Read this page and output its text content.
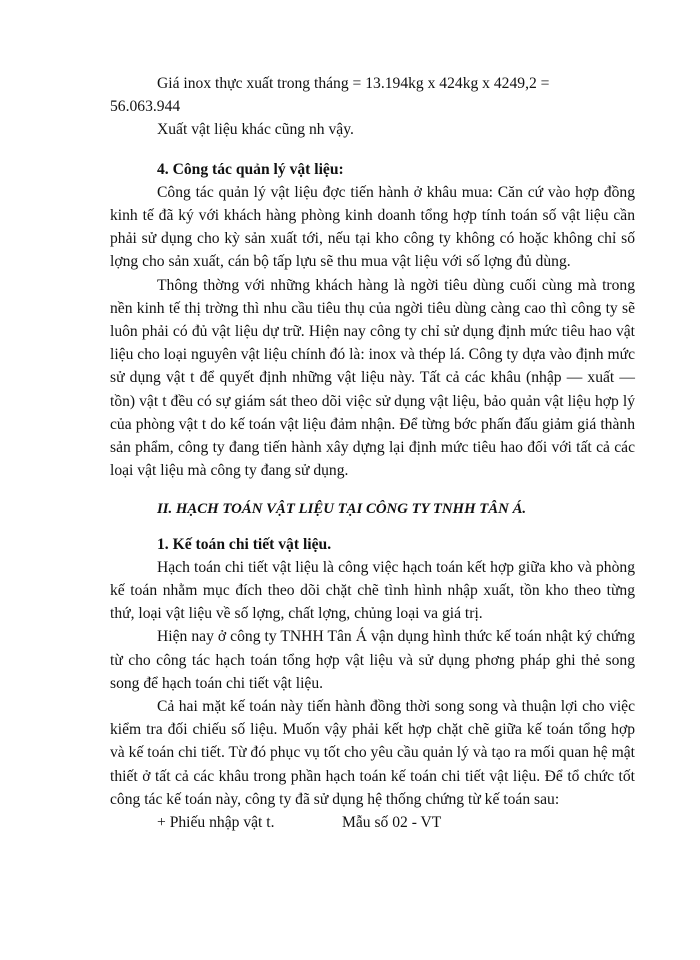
Giá inox thực xuất trong tháng = 13.194kg x 424kg x 4249,2 =

56.063.944

Xuất vật liệu khác cũng nh vậy.

4. Công tác quản lý vật liệu:

Công tác quản lý vật liệu đợc tiến hành ở khâu mua: Căn cứ vào hợp đồng kinh tế đã ký với khách hàng phòng kinh doanh tổng hợp tính toán số vật liệu cần phải sử dụng cho kỳ sản xuất tới, nếu tại kho công ty không có hoặc không chỉ số lợng cho sản xuất, cán bộ tấp lựu sẽ thu mua vật liệu với số lợng đủ dùng.

Thông thờng với những khách hàng là ngời tiêu dùng cuối cùng mà trong nền kinh tế thị trờng thì nhu cầu tiêu thụ của ngời tiêu dùng càng cao thì công ty sẽ luôn phải có đủ vật liệu dự trữ. Hiện nay công ty chỉ sử dụng định mức tiêu hao vật liệu cho loại nguyên vật liệu chính đó là: inox và thép lá. Công ty dựa vào định mức sử dụng vật t để quyết định những vật liệu này. Tất cả các khâu (nhập — xuất — tồn) vật t đều có sự giám sát theo dõi việc sử dụng vật liệu, bảo quản vật liệu hợp lý của phòng vật t do kế toán vật liệu đảm nhận. Để từng bớc phấn đấu giảm giá thành sản phẩm, công ty đang tiến hành xây dựng lại định mức tiêu hao đối với tất cả các loại vật liệu mà công ty đang sử dụng.

II. HẠCH TOÁN VẬT LIỆU TẠI CÔNG TY TNHH TÂN Á.

1. Kế toán chi tiết vật liệu.

Hạch toán chi tiết vật liệu là công việc hạch toán kết hợp giữa kho và phòng kế toán nhằm mục đích theo dõi chặt chẽ tình hình nhập xuất, tồn kho theo từng thứ, loại vật liệu về số lợng, chất lợng, chủng loại va giá trị.

Hiện nay ở công ty TNHH Tân Á vận dụng hình thức kế toán nhật ký chứng từ cho công tác hạch toán tổng hợp vật liệu và sử dụng phơng pháp ghi thẻ song song để hạch toán chi tiết vật liệu.

Cả hai mặt kế toán này tiến hành đồng thời song song và thuận lợi cho việc kiểm tra đối chiếu số liệu. Muốn vậy phải kết hợp chặt chẽ giữa kế toán tổng hợp và kế toán chi tiết. Từ đó phục vụ tốt cho yêu cầu quản lý và tạo ra mối quan hệ mật thiết ở tất cả các khâu trong phần hạch toán kế toán chi tiết vật liệu. Để tổ chức tốt công tác kế toán này, công ty đã sử dụng hệ thống chứng từ kế toán sau:

+ Phiếu nhập vật t.	Mẫu số 02 - VT
